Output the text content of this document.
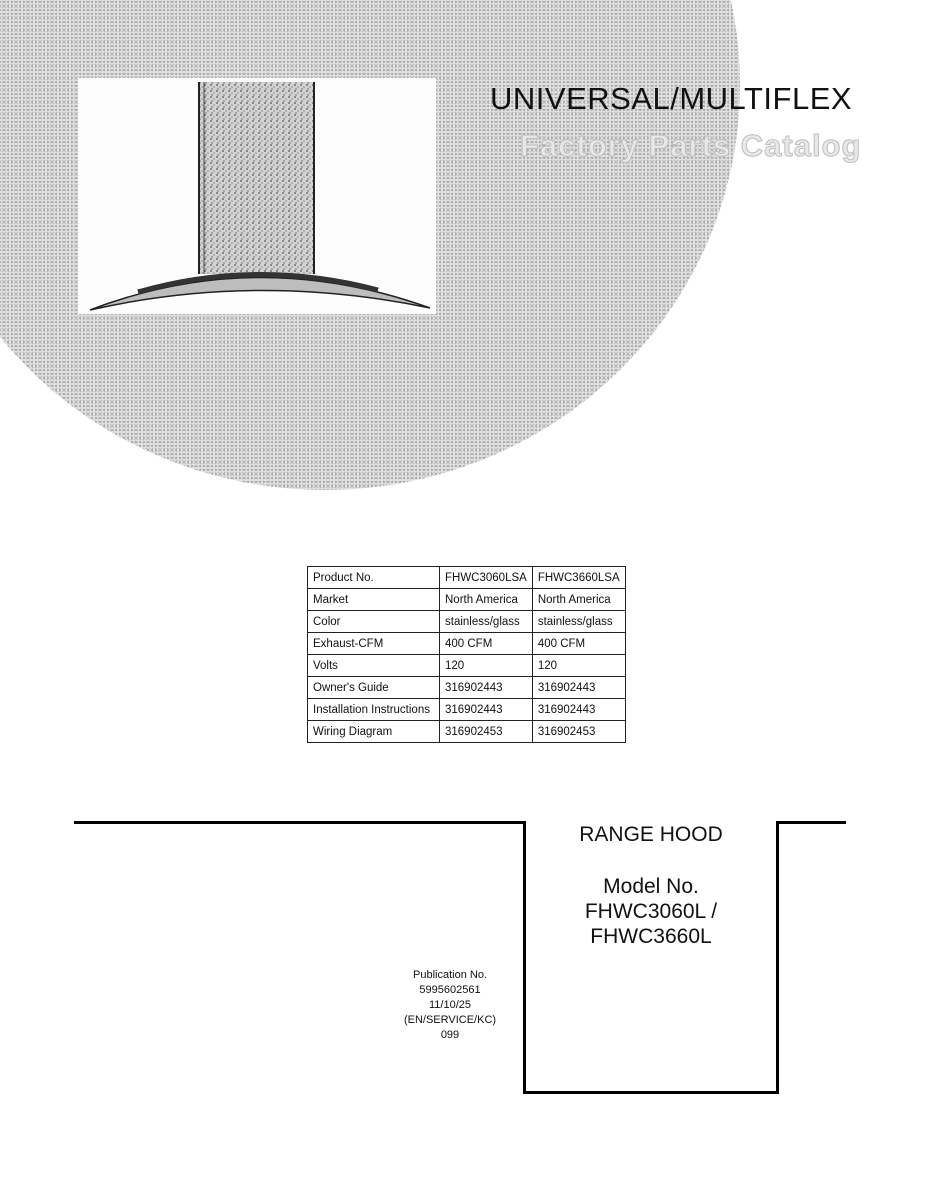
UNIVERSAL/MULTIFLEX
Factory Parts Catalog
Product No.	FHWC3060LSA	FHWC3660LSA
Market	North America	North America
Color	stainless/glass	stainless/glass
Exhaust-CFM	400 CFM	400 CFM
Volts	120	120
Owner's Guide	316902443	316902443
Installation Instructions	316902443	316902443
Wiring Diagram	316902453	316902453
RANGE HOOD
Model No.
FHWC3060L /
FHWC3660L
Publication No.
5995602561
11/10/25
(EN/SERVICE/KC)
099
